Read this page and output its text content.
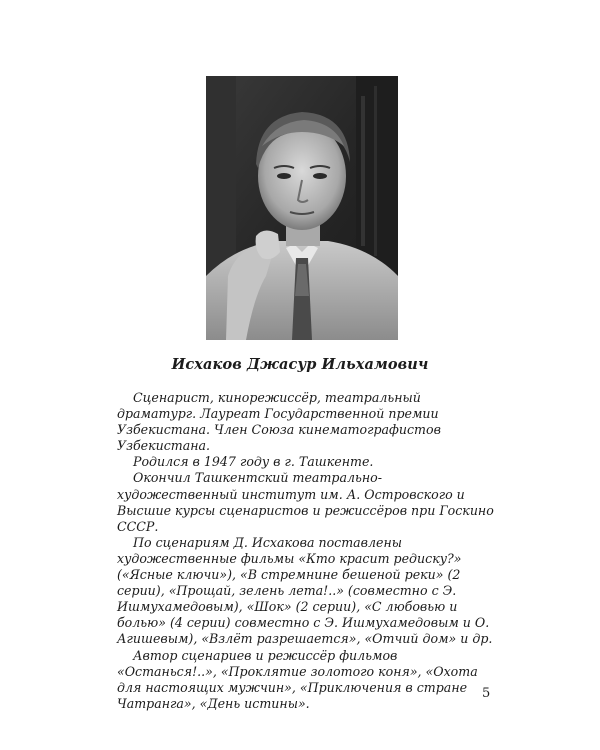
Исхаков Джасур Ильхамович

Сценарист, кинорежиссёр, театральный драматург. Лауреат Государственной премии Узбекистана. Член Союза кинематографистов Узбекистана.

Родился в 1947 году в г. Ташкенте.

Окончил Ташкентский театрально-художественный институт им. А. Островского и Высшие курсы сценаристов и режиссёров при Госкино СССР.

По сценариям Д. Исхакова поставлены художественные фильмы «Кто красит редиску?» («Ясные ключи»), «В стремнине бешеной реки» (2 серии), «Прощай, зелень лета!..» (совместно с Э. Ишмухамедовым), «Шок» (2 серии), «С любовью и болью» (4 серии) совместно с Э. Ишмухамедовым и О. Агишевым), «Взлёт разрешается», «Отчий дом» и др.

Автор сценариев и режиссёр фильмов «Останься!..», «Проклятие золотого коня», «Охота для настоящих мужчин», «Приключения в стране Чатранга», «День истины».

5
